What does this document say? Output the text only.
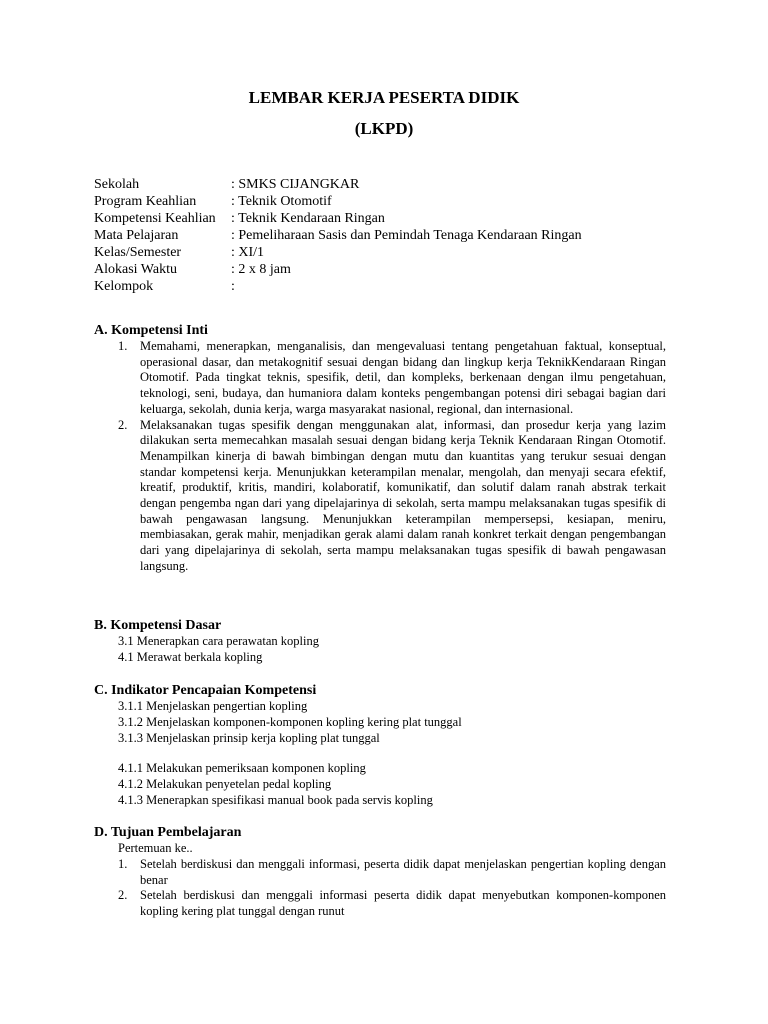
LEMBAR KERJA PESERTA DIDIK
(LKPD)
Sekolah	: SMKS CIJANGKAR
Program Keahlian : Teknik Otomotif
Kompetensi Keahlian : Teknik Kendaraan Ringan
Mata Pelajaran	: Pemeliharaan Sasis dan Pemindah Tenaga Kendaraan Ringan
Kelas/Semester	: XI/1
Alokasi Waktu	: 2 x 8 jam
Kelompok	:
A. Kompetensi Inti
1. Memahami, menerapkan, menganalisis, dan mengevaluasi tentang pengetahuan faktual, konseptual, operasional dasar, dan metakognitif sesuai dengan bidang dan lingkup kerja TeknikKendaraan Ringan Otomotif. Pada tingkat teknis, spesifik, detil, dan kompleks, berkenaan dengan ilmu pengetahuan, teknologi, seni, budaya, dan humaniora dalam konteks pengembangan potensi diri sebagai bagian dari keluarga, sekolah, dunia kerja, warga masyarakat nasional, regional, dan internasional.
2. Melaksanakan tugas spesifik dengan menggunakan alat, informasi, dan prosedur kerja yang lazim dilakukan serta memecahkan masalah sesuai dengan bidang kerja Teknik Kendaraan Ringan Otomotif. Menampilkan kinerja di bawah bimbingan dengan mutu dan kuantitas yang terukur sesuai dengan standar kompetensi kerja. Menunjukkan keterampilan menalar, mengolah, dan menyaji secara efektif, kreatif, produktif, kritis, mandiri, kolaboratif, komunikatif, dan solutif dalam ranah abstrak terkait dengan pengemba ngan dari yang dipelajarinya di sekolah, serta mampu melaksanakan tugas spesifik di bawah pengawasan langsung. Menunjukkan keterampilan mempersepsi, kesiapan, meniru, membiasakan, gerak mahir, menjadikan gerak alami dalam ranah konkret terkait dengan pengembangan dari yang dipelajarinya di sekolah, serta mampu melaksanakan tugas spesifik di bawah pengawasan langsung.
B. Kompetensi Dasar
3.1 Menerapkan cara perawatan kopling
4.1 Merawat berkala kopling
C. Indikator Pencapaian Kompetensi
3.1.1 Menjelaskan pengertian kopling
3.1.2 Menjelaskan komponen-komponen kopling kering plat tunggal
3.1.3 Menjelaskan prinsip kerja kopling plat tunggal
4.1.1 Melakukan pemeriksaan komponen kopling
4.1.2 Melakukan penyetelan pedal kopling
4.1.3 Menerapkan spesifikasi manual book pada servis kopling
D. Tujuan Pembelajaran
Pertemuan ke..
1. Setelah berdiskusi dan menggali informasi, peserta didik dapat menjelaskan pengertian kopling dengan benar
2. Setelah berdiskusi dan menggali informasi peserta didik dapat menyebutkan komponen-komponen kopling kering plat tunggal dengan runut
